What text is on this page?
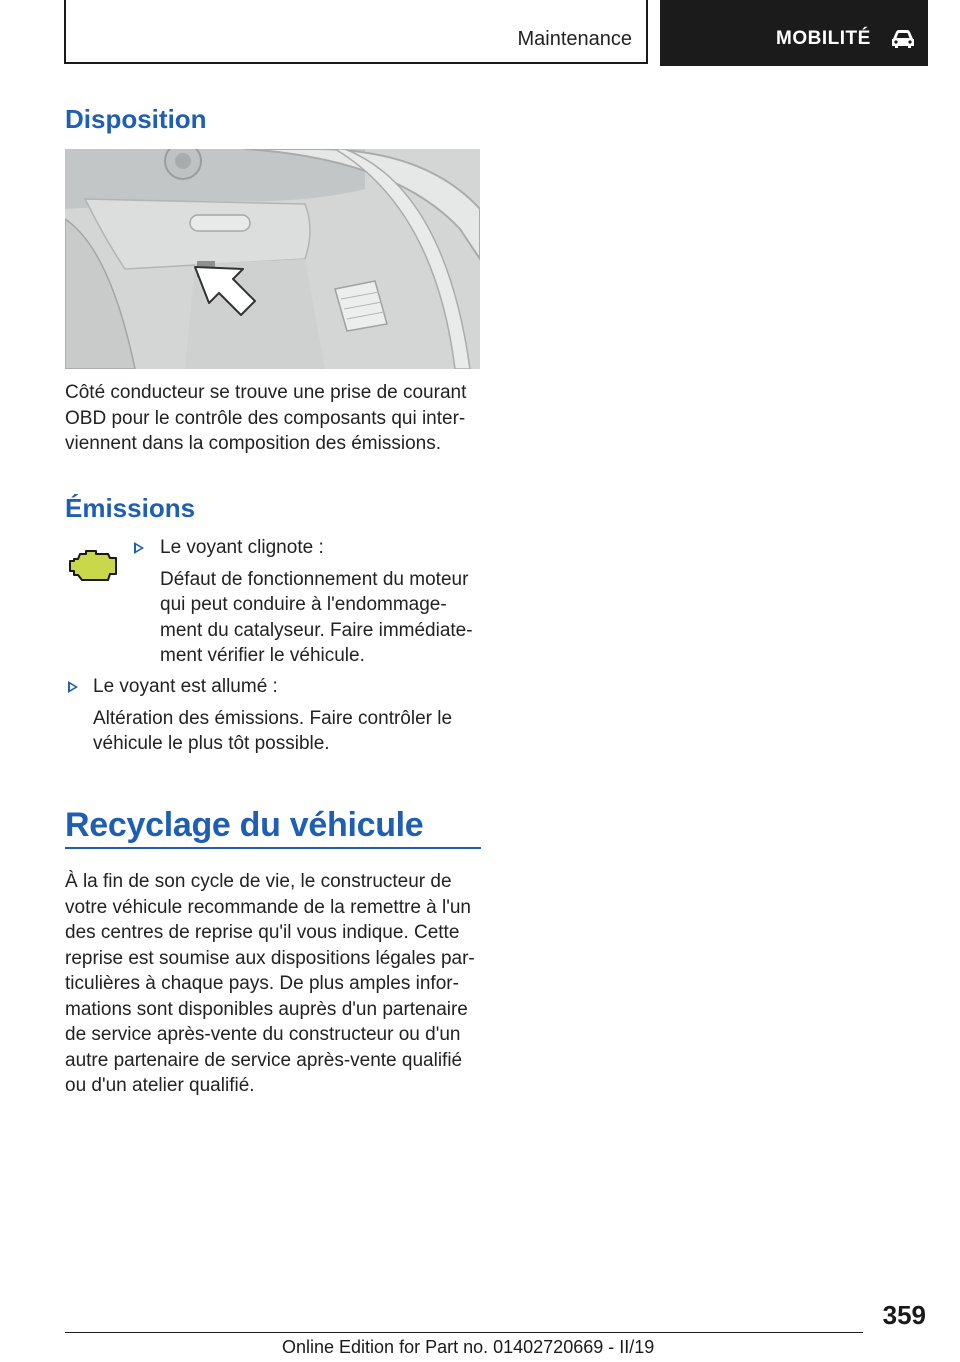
Maintenance	MOBILITÉ
Disposition

Côté conducteur se trouve une prise de courant
OBD pour le contrôle des composants qui inter-
viennent dans la composition des émissions.

Émissions
Le voyant clignote :
Défaut de fonctionnement du moteur
qui peut conduire à l'endommage-
ment du catalyseur. Faire immédiate-
ment vérifier le véhicule.
Le voyant est allumé :
Altération des émissions. Faire contrôler le
véhicule le plus tôt possible.
Recyclage du véhicule

À la fin de son cycle de vie, le constructeur de
votre véhicule recommande de la remettre à l'un
des centres de reprise qu'il vous indique. Cette
reprise est soumise aux dispositions légales par-
ticulières à chaque pays. De plus amples infor-
mations sont disponibles auprès d'un partenaire
de service après-vente du constructeur ou d'un
autre partenaire de service après-vente qualifié
ou d'un atelier qualifié.

359
Online Edition for Part no. 01402720669 - II/19
